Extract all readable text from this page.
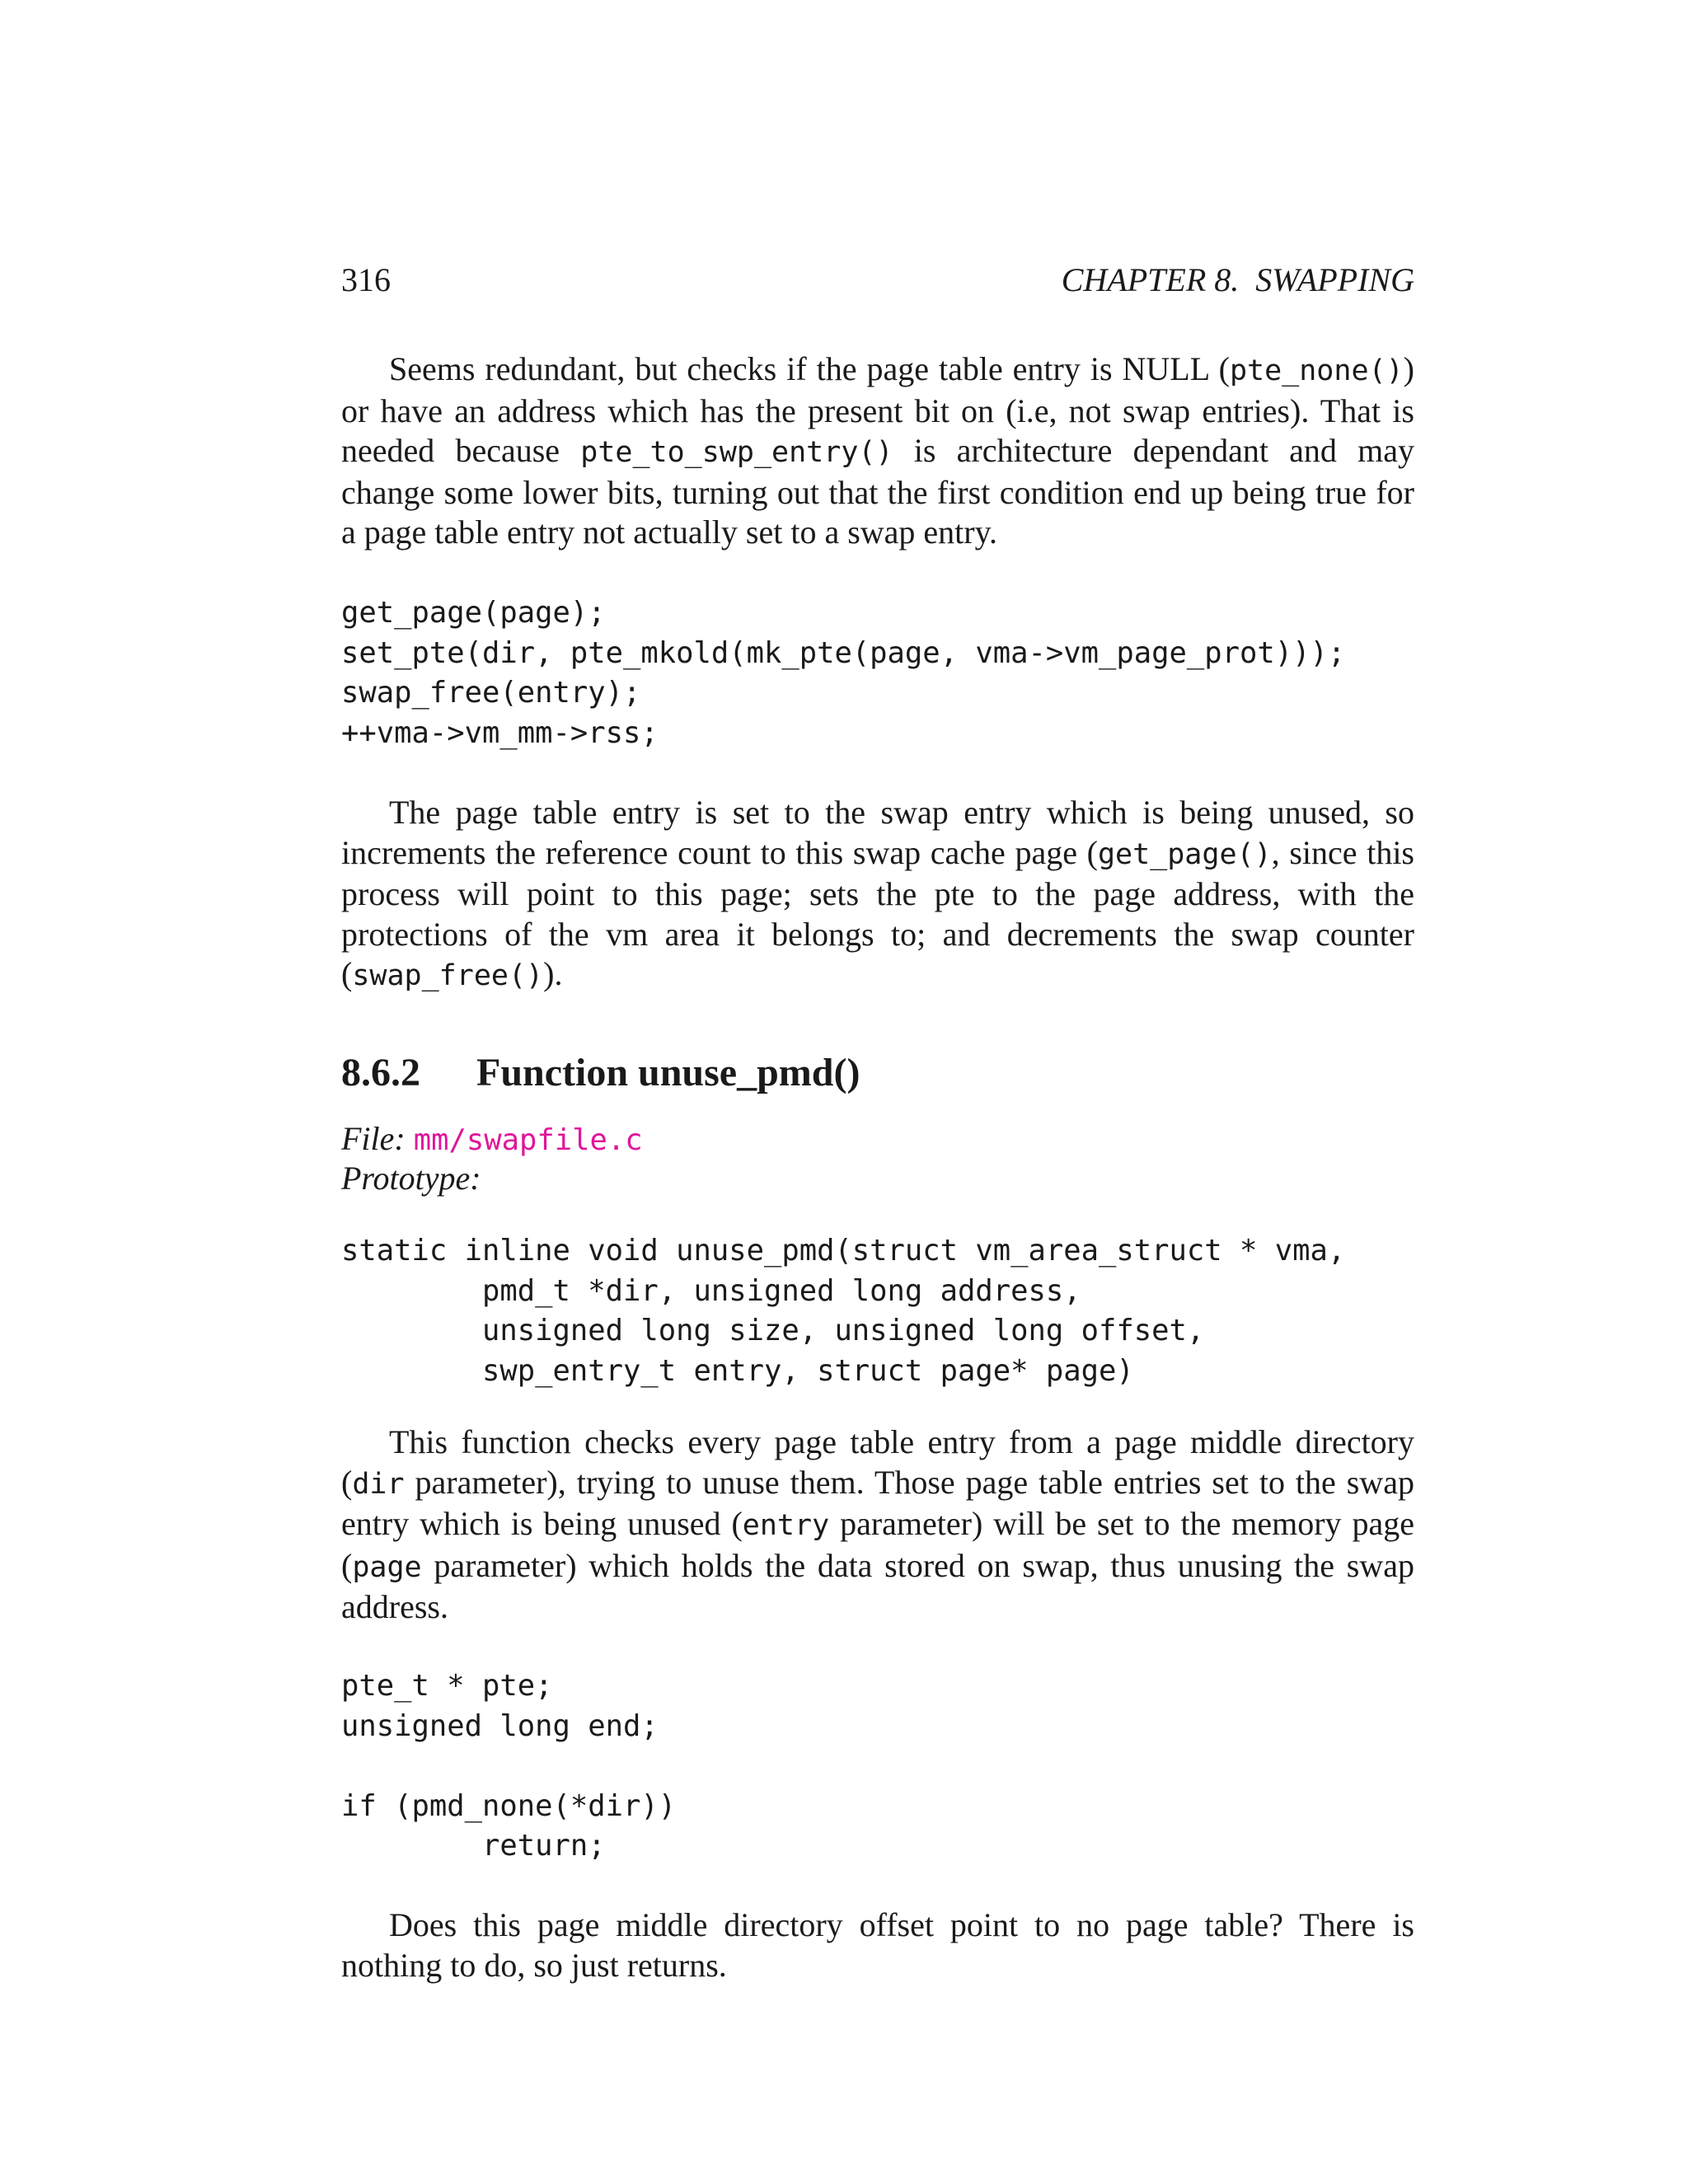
316	CHAPTER 8.  SWAPPING

Seems redundant, but checks if the page table entry is NULL (pte_none()) or have an address which has the present bit on (i.e, not swap entries). That is needed because pte_to_swp_entry() is architecture dependant and may change some lower bits, turning out that the first condition end up being true for a page table entry not actually set to a swap entry.

get_page(page);
set_pte(dir, pte_mkold(mk_pte(page, vma->vm_page_prot)));
swap_free(entry);
++vma->vm_mm->rss;

The page table entry is set to the swap entry which is being unused, so increments the reference count to this swap cache page (get_page(), since this process will point to this page; sets the pte to the page address, with the protections of the vm area it belongs to; and decrements the swap counter (swap_free()).

8.6.2 Function unuse_pmd()
File: mm/swapfile.c
Prototype:
static inline void unuse_pmd(struct vm_area_struct * vma,
pmd_t *dir, unsigned long address,
unsigned long size, unsigned long offset,
swp_entry_t entry, struct page* page)

This function checks every page table entry from a page middle directory (dir parameter), trying to unuse them. Those page table entries set to the swap entry which is being unused (entry parameter) will be set to the memory page (page parameter) which holds the data stored on swap, thus unusing the swap address.

pte_t * pte;
unsigned long end;

if (pmd_none(*dir))
return;

Does this page middle directory offset point to no page table? There is nothing to do, so just returns.
